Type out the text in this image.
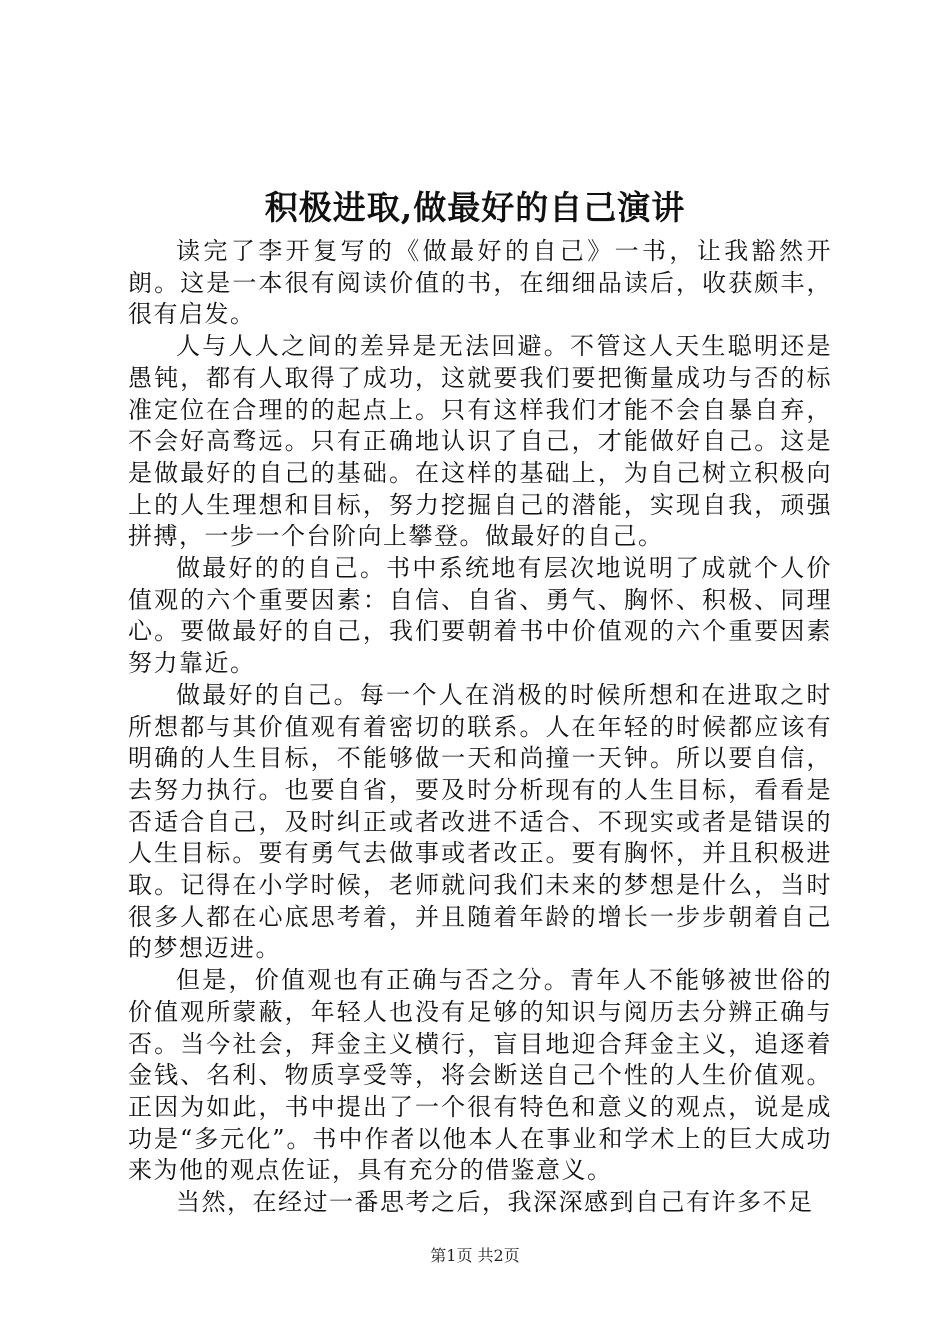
积极进取,做最好的自己演讲

读完了李开复写的《做最好的自己》一书，让我豁然开朗。这是一本很有阅读价值的书，在细细品读后，收获颇丰，很有启发。

人与人人之间的差异是无法回避。不管这人天生聪明还是愚钝，都有人取得了成功，这就要我们要把衡量成功与否的标准定位在合理的的起点上。只有这样我们才能不会自暴自弃，不会好高骛远。只有正确地认识了自己，才能做好自己。这是是做最好的自己的基础。在这样的基础上，为自己树立积极向上的人生理想和目标，努力挖掘自己的潜能，实现自我，顽强拼搏，一步一个台阶向上攀登。做最好的自己。

做最好的的自己。书中系统地有层次地说明了成就个人价值观的六个重要因素：自信、自省、勇气、胸怀、积极、同理心。要做最好的自己，我们要朝着书中价值观的六个重要因素努力靠近。

做最好的自己。每一个人在消极的时候所想和在进取之时所想都与其价值观有着密切的联系。人在年轻的时候都应该有明确的人生目标，不能够做一天和尚撞一天钟。所以要自信，去努力执行。也要自省，要及时分析现有的人生目标，看看是否适合自己，及时纠正或者改进不适合、不现实或者是错误的人生目标。要有勇气去做事或者改正。要有胸怀，并且积极进取。记得在小学时候，老师就问我们未来的梦想是什么，当时很多人都在心底思考着，并且随着年龄的增长一步步朝着自己的梦想迈进。

但是，价值观也有正确与否之分。青年人不能够被世俗的价值观所蒙蔽，年轻人也没有足够的知识与阅历去分辨正确与否。当今社会，拜金主义横行，盲目地迎合拜金主义，追逐着金钱、名利、物质享受等，将会断送自己个性的人生价值观。正因为如此，书中提出了一个很有特色和意义的观点，说是成功是“多元化”。书中作者以他本人在事业和学术上的巨大成功来为他的观点佐证，具有充分的借鉴意义。

当然，在经过一番思考之后，我深深感到自己有许多不足

第1页 共2页
